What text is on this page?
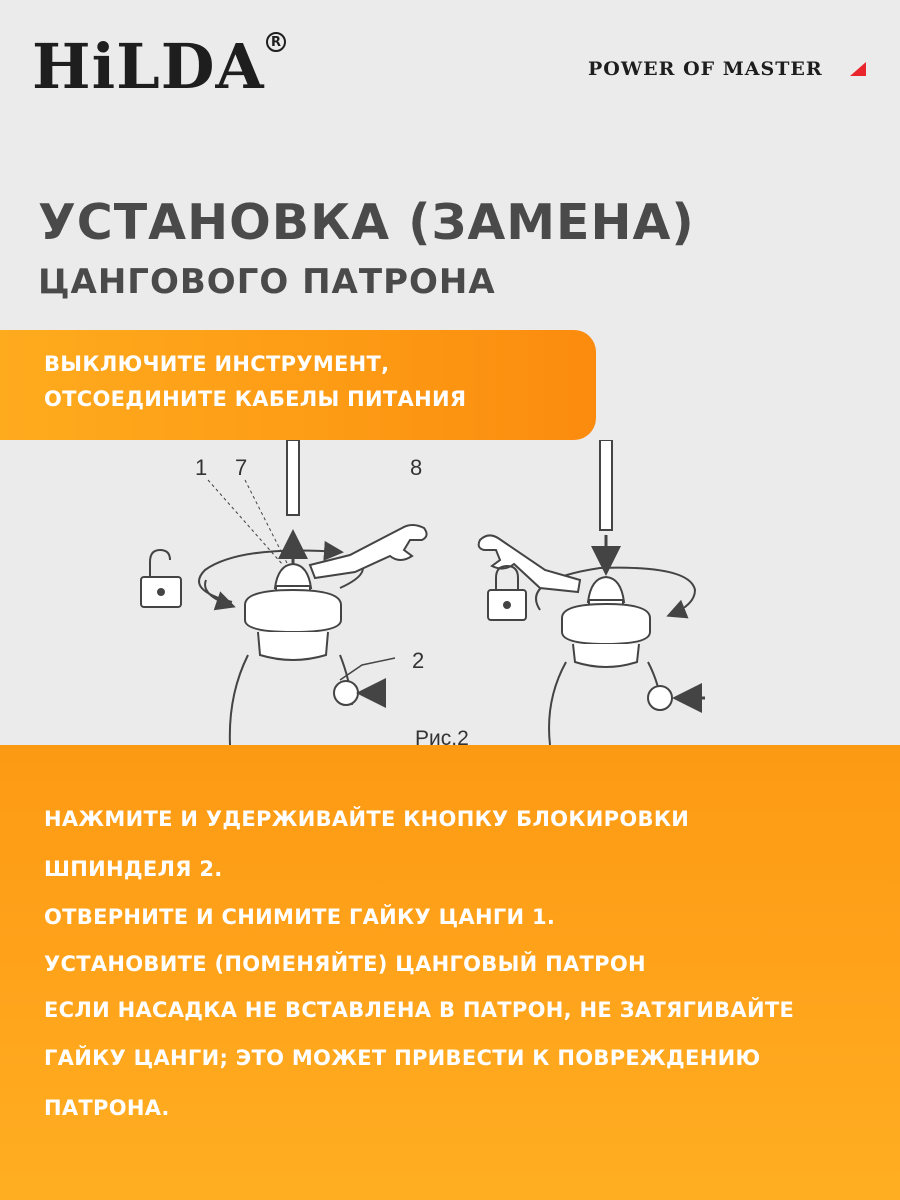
HiLDA R
POWER OF MASTER
УСТАНОВКА (ЗАМЕНА)
ЦАНГОВОГО ПАТРОНА
ВЫКЛЮЧИТЕ ИНСТРУМЕНТ,
ОТСОЕДИНИТЕ КАБЕЛЫ ПИТАНИЯ
1 7	8
2
Рис.2
НАЖМИТЕ И УДЕРЖИВАЙТЕ КНОПКУ БЛОКИРОВКИ
ШПИНДЕЛЯ 2.
ОТВЕРНИТЕ И СНИМИТЕ ГАЙКУ ЦАНГИ 1.
УСТАНОВИТЕ (ПОМЕНЯЙТЕ) ЦАНГОВЫЙ ПАТРОН
ЕСЛИ НАСАДКА НЕ ВСТАВЛЕНА В ПАТРОН, НЕ ЗАТЯГИВАЙТЕ
ГАЙКУ ЦАНГИ; ЭТО МОЖЕТ ПРИВЕСТИ К ПОВРЕЖДЕНИЮ
ПАТРОНА.
